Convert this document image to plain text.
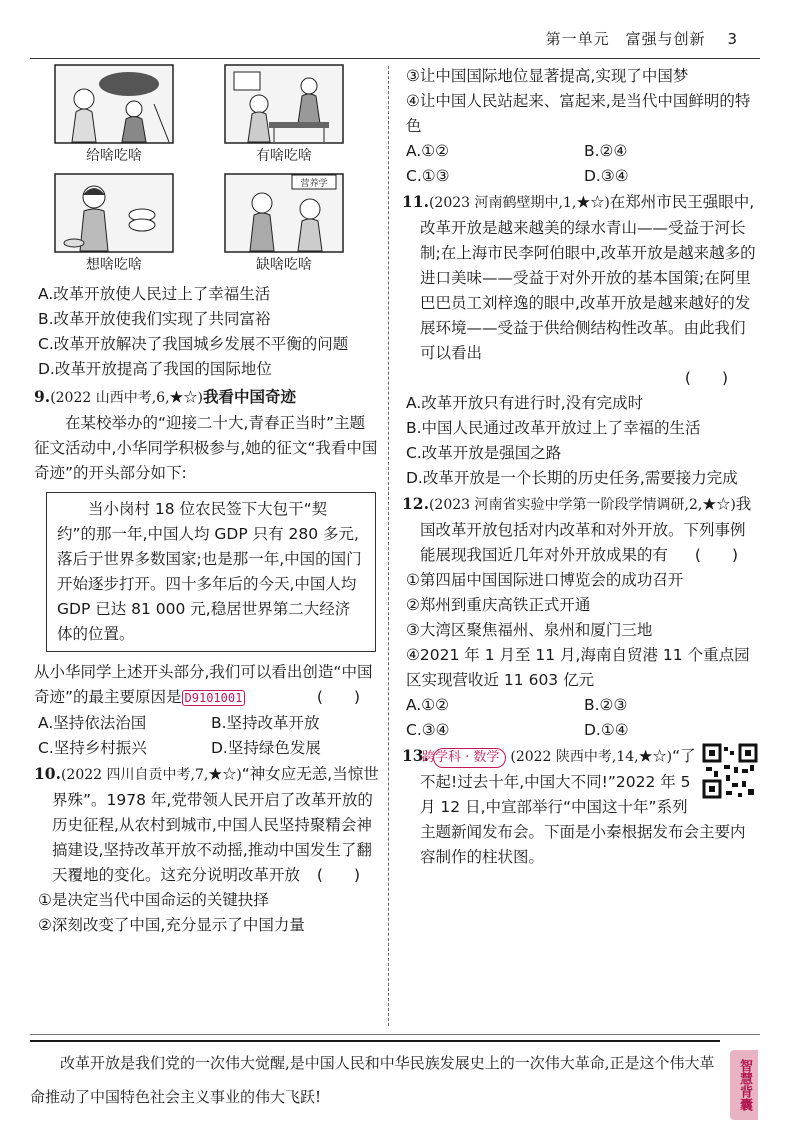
第一单元　富强与创新 3
给啥吃啥	有啥吃啥
想啥吃啥
营养学
缺啥吃啥

A.改革开放使人民过上了幸福生活

B.改革开放使我们实现了共同富裕

C.改革开放解决了我国城乡发展不平衡的问题

D.改革开放提高了我国的国际地位

9.(2022 山西中考,6,★☆)我看中国奇迹

在某校举办的“迎接二十大,青春正当时”主题征文活动中,小华同学积极参与,她的征文“我看中国奇迹”的开头部分如下:

当小岗村 18 位农民签下大包干“契约”的那一年,中国人均 GDP 只有 280 多元,落后于世界多数国家;也是那一年,中国的国门开始逐步打开。四十多年后的今天,中国人均 GDP 已达 81 000 元,稳居世界第二大经济体的位置。

从小华同学上述开头部分,我们可以看出创造“中国奇迹”的最主要原因是 D9101001	(　　)

A.坚持依法治国	B.坚持改革开放

C.坚持乡村振兴	D.坚持绿色发展

10.(2022 四川自贡中考,7,★☆)“神女应无恙,当惊世界殊”。1978 年,党带领人民开启了改革开放的历史征程,从农村到城市,中国人民坚持聚精会神搞建设,坚持改革开放不动摇,推动中国发生了翻天覆地的变化。这充分说明改革开放 (　　)

①是决定当代中国命运的关键抉择

②深刻改变了中国,充分显示了中国力量

③让中国国际地位显著提高,实现了中国梦

④让中国人民站起来、富起来,是当代中国鲜明的特色

A.①②	B.②④

C.①③	D.③④

11.(2023 河南鹤壁期中,1,★☆)在郑州市民王强眼中,改革开放是越来越美的绿水青山——受益于河长制;在上海市民李阿伯眼中,改革开放是越来越多的进口美味——受益于对外开放的基本国策;在阿里巴巴员工刘梓逸的眼中,改革开放是越来越好的发展环境——受益于供给侧结构性改革。由此我们可以看出

(　　)

A.改革开放只有进行时,没有完成时

B.中国人民通过改革开放过上了幸福的生活

C.改革开放是强国之路

D.改革开放是一个长期的历史任务,需要接力完成

12.(2023 河南省实验中学第一阶段学情调研,2,★☆)我国改革开放包括对内改革和对外开放。下列事例能展现我国近几年对外开放成果的有 (　　)

①第四届中国国际进口博览会的成功召开

②郑州到重庆高铁正式开通

③大湾区聚焦福州、泉州和厦门三地

④2021 年 1 月至 11 月,海南自贸港 11 个重点园区实现营收近 11 603 亿元

A.①②	B.②③

C.③④	D.①④

13.跨学科 · 数学 (2022 陕西中考,14,★☆)“了不起!过去十年,中国大不同!”2022 年 5 月 12 日,中宣部举行“中国这十年”系列主题新闻发布会。下面是小秦根据发布会主要内容制作的柱状图。

改革开放是我们党的一次伟大觉醒,是中国人民和中华民族发展史上的一次伟大革命,正是这个伟大革命推动了中国特色社会主义事业的伟大飞跃!	智慧背囊
